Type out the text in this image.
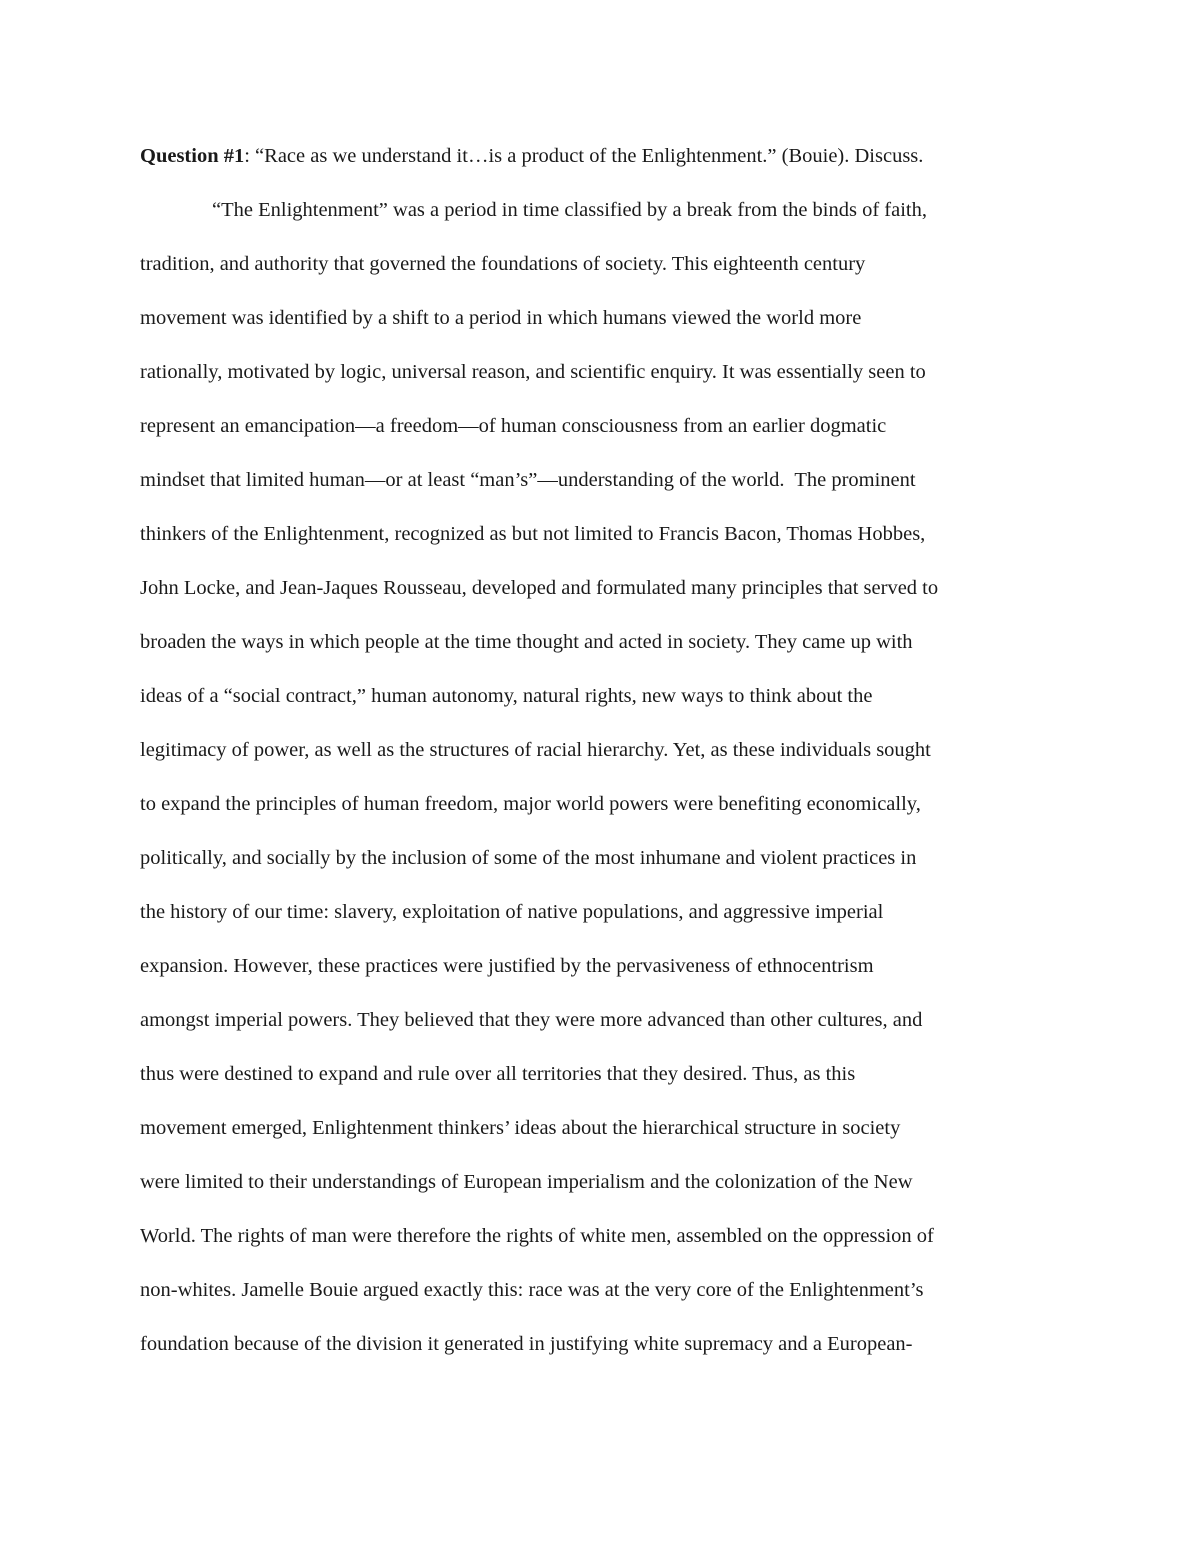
Question #1: “Race as we understand it…is a product of the Enlightenment.” (Bouie). Discuss.
“The Enlightenment” was a period in time classified by a break from the binds of faith,
tradition, and authority that governed the foundations of society. This eighteenth century
movement was identified by a shift to a period in which humans viewed the world more
rationally, motivated by logic, universal reason, and scientific enquiry. It was essentially seen to
represent an emancipation—a freedom—of human consciousness from an earlier dogmatic
mindset that limited human—or at least “man’s”—understanding of the world.  The prominent
thinkers of the Enlightenment, recognized as but not limited to Francis Bacon, Thomas Hobbes,
John Locke, and Jean-Jaques Rousseau, developed and formulated many principles that served to
broaden the ways in which people at the time thought and acted in society. They came up with
ideas of a “social contract,” human autonomy, natural rights, new ways to think about the
legitimacy of power, as well as the structures of racial hierarchy. Yet, as these individuals sought
to expand the principles of human freedom, major world powers were benefiting economically,
politically, and socially by the inclusion of some of the most inhumane and violent practices in
the history of our time: slavery, exploitation of native populations, and aggressive imperial
expansion. However, these practices were justified by the pervasiveness of ethnocentrism
amongst imperial powers. They believed that they were more advanced than other cultures, and
thus were destined to expand and rule over all territories that they desired. Thus, as this
movement emerged, Enlightenment thinkers’ ideas about the hierarchical structure in society
were limited to their understandings of European imperialism and the colonization of the New
World. The rights of man were therefore the rights of white men, assembled on the oppression of
non-whites. Jamelle Bouie argued exactly this: race was at the very core of the Enlightenment’s
foundation because of the division it generated in justifying white supremacy and a European-
